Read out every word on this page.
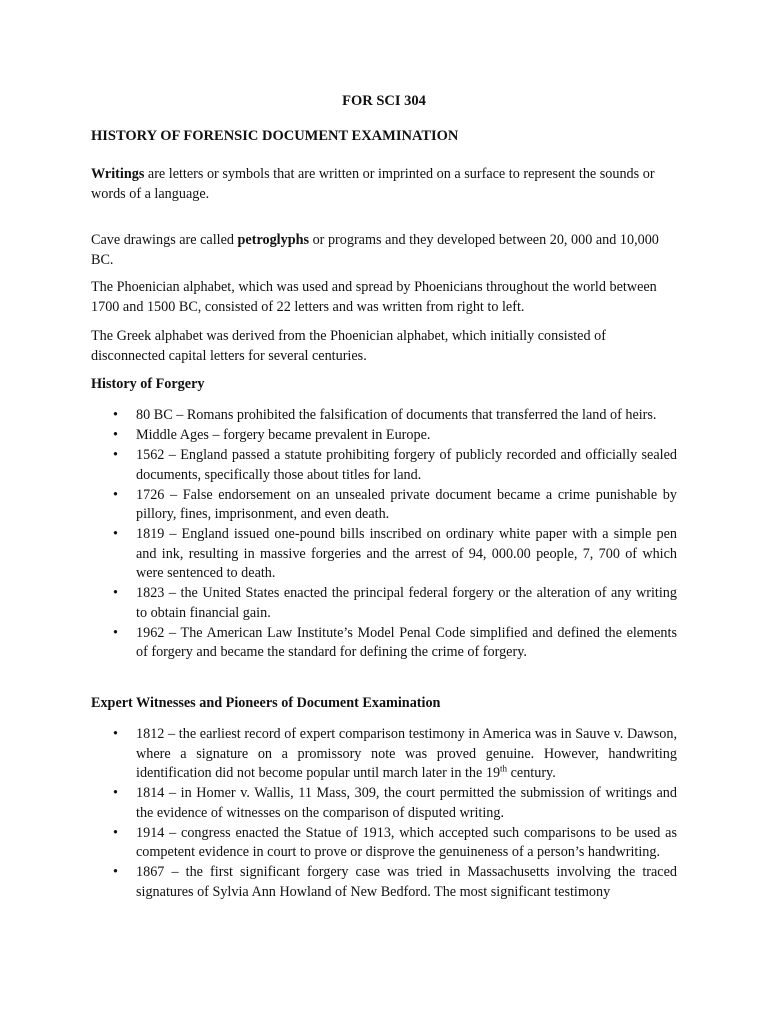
FOR SCI 304
HISTORY OF FORENSIC DOCUMENT EXAMINATION
Writings are letters or symbols that are written or imprinted on a surface to represent the sounds or words of a language.
Cave drawings are called petroglyphs or programs and they developed between 20, 000 and 10,000 BC.
The Phoenician alphabet, which was used and spread by Phoenicians throughout the world between 1700 and 1500 BC, consisted of 22 letters and was written from right to left.
The Greek alphabet was derived from the Phoenician alphabet, which initially consisted of disconnected capital letters for several centuries.
History of Forgery
• 80 BC – Romans prohibited the falsification of documents that transferred the land of heirs.
• Middle Ages – forgery became prevalent in Europe.
• 1562 – England passed a statute prohibiting forgery of publicly recorded and officially sealed documents, specifically those about titles for land.
• 1726 – False endorsement on an unsealed private document became a crime punishable by pillory, fines, imprisonment, and even death.
• 1819 – England issued one-pound bills inscribed on ordinary white paper with a simple pen and ink, resulting in massive forgeries and the arrest of 94, 000.00 people, 7, 700 of which were sentenced to death.
• 1823 – the United States enacted the principal federal forgery or the alteration of any writing to obtain financial gain.
• 1962 – The American Law Institute’s Model Penal Code simplified and defined the elements of forgery and became the standard for defining the crime of forgery.
Expert Witnesses and Pioneers of Document Examination
• 1812 – the earliest record of expert comparison testimony in America was in Sauve v. Dawson, where a signature on a promissory note was proved genuine. However, handwriting identification did not become popular until march later in the 19th century.
• 1814 – in Homer v. Wallis, 11 Mass, 309, the court permitted the submission of writings and the evidence of witnesses on the comparison of disputed writing.
• 1914 – congress enacted the Statue of 1913, which accepted such comparisons to be used as competent evidence in court to prove or disprove the genuineness of a person’s handwriting.
• 1867 – the first significant forgery case was tried in Massachusetts involving the traced signatures of Sylvia Ann Howland of New Bedford. The most significant testimony
